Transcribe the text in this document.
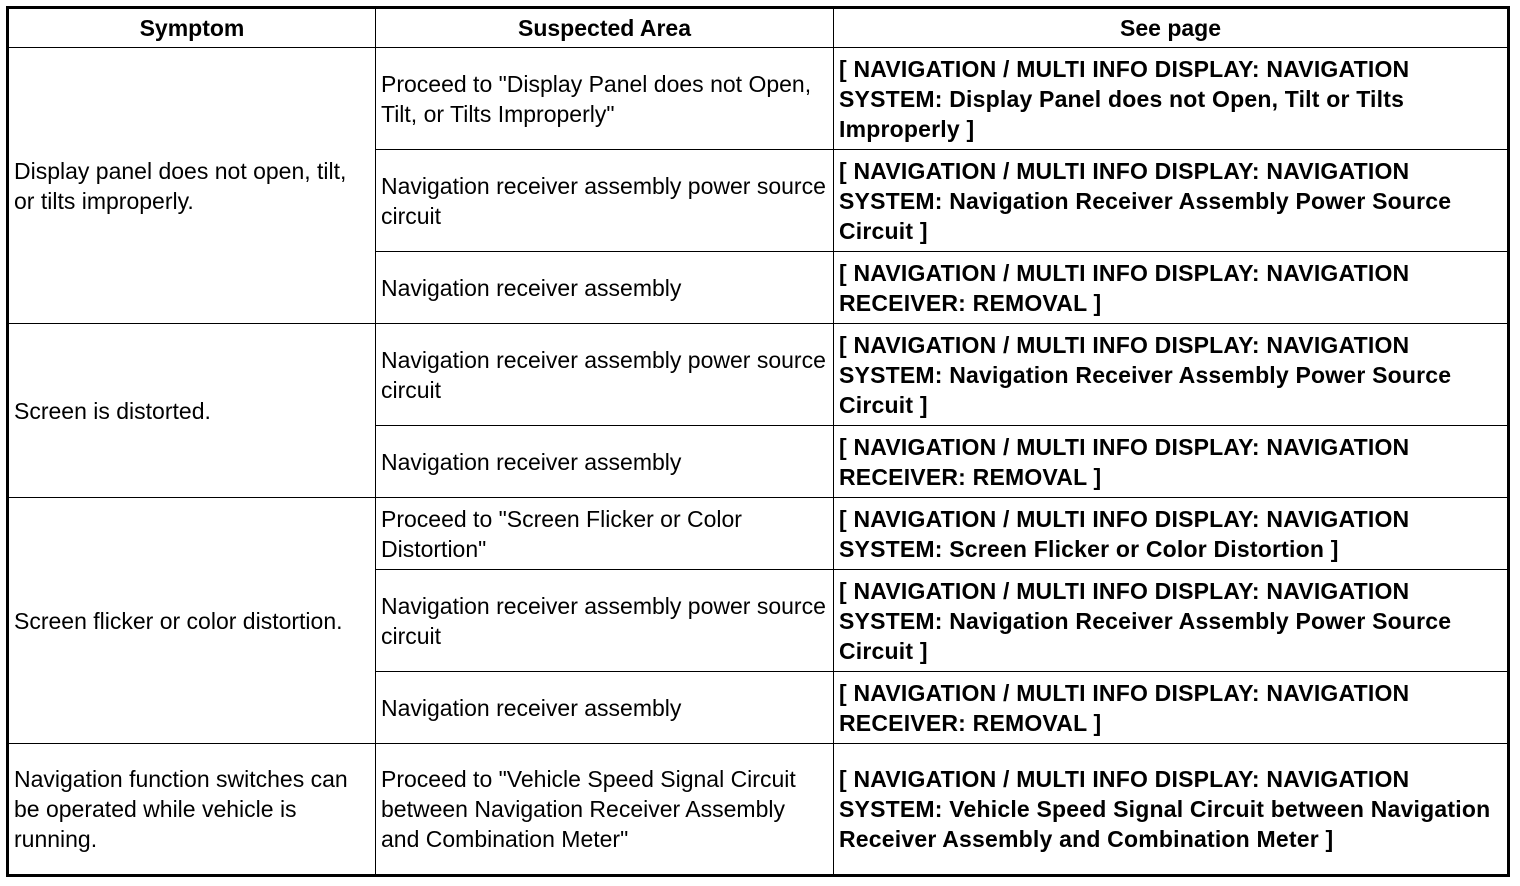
Symptom	Suspected Area	See page
Display panel does not open, tilt, or tilts improperly.	Proceed to "Display Panel does not Open, Tilt, or Tilts Improperly"	[ NAVIGATION / MULTI INFO DISPLAY: NAVIGATION SYSTEM: Display Panel does not Open, Tilt or Tilts Improperly ]
	Navigation receiver assembly power source circuit	[ NAVIGATION / MULTI INFO DISPLAY: NAVIGATION SYSTEM: Navigation Receiver Assembly Power Source Circuit ]
	Navigation receiver assembly	[ NAVIGATION / MULTI INFO DISPLAY: NAVIGATION RECEIVER: REMOVAL ]
Screen is distorted.	Navigation receiver assembly power source circuit	[ NAVIGATION / MULTI INFO DISPLAY: NAVIGATION SYSTEM: Navigation Receiver Assembly Power Source Circuit ]
	Navigation receiver assembly	[ NAVIGATION / MULTI INFO DISPLAY: NAVIGATION RECEIVER: REMOVAL ]
Screen flicker or color distortion.	Proceed to "Screen Flicker or Color Distortion"	[ NAVIGATION / MULTI INFO DISPLAY: NAVIGATION SYSTEM: Screen Flicker or Color Distortion ]
	Navigation receiver assembly power source circuit	[ NAVIGATION / MULTI INFO DISPLAY: NAVIGATION SYSTEM: Navigation Receiver Assembly Power Source Circuit ]
	Navigation receiver assembly	[ NAVIGATION / MULTI INFO DISPLAY: NAVIGATION RECEIVER: REMOVAL ]
Navigation function switches can be operated while vehicle is running.	Proceed to "Vehicle Speed Signal Circuit between Navigation Receiver Assembly and Combination Meter"	[ NAVIGATION / MULTI INFO DISPLAY: NAVIGATION SYSTEM: Vehicle Speed Signal Circuit between Navigation Receiver Assembly and Combination Meter ]
